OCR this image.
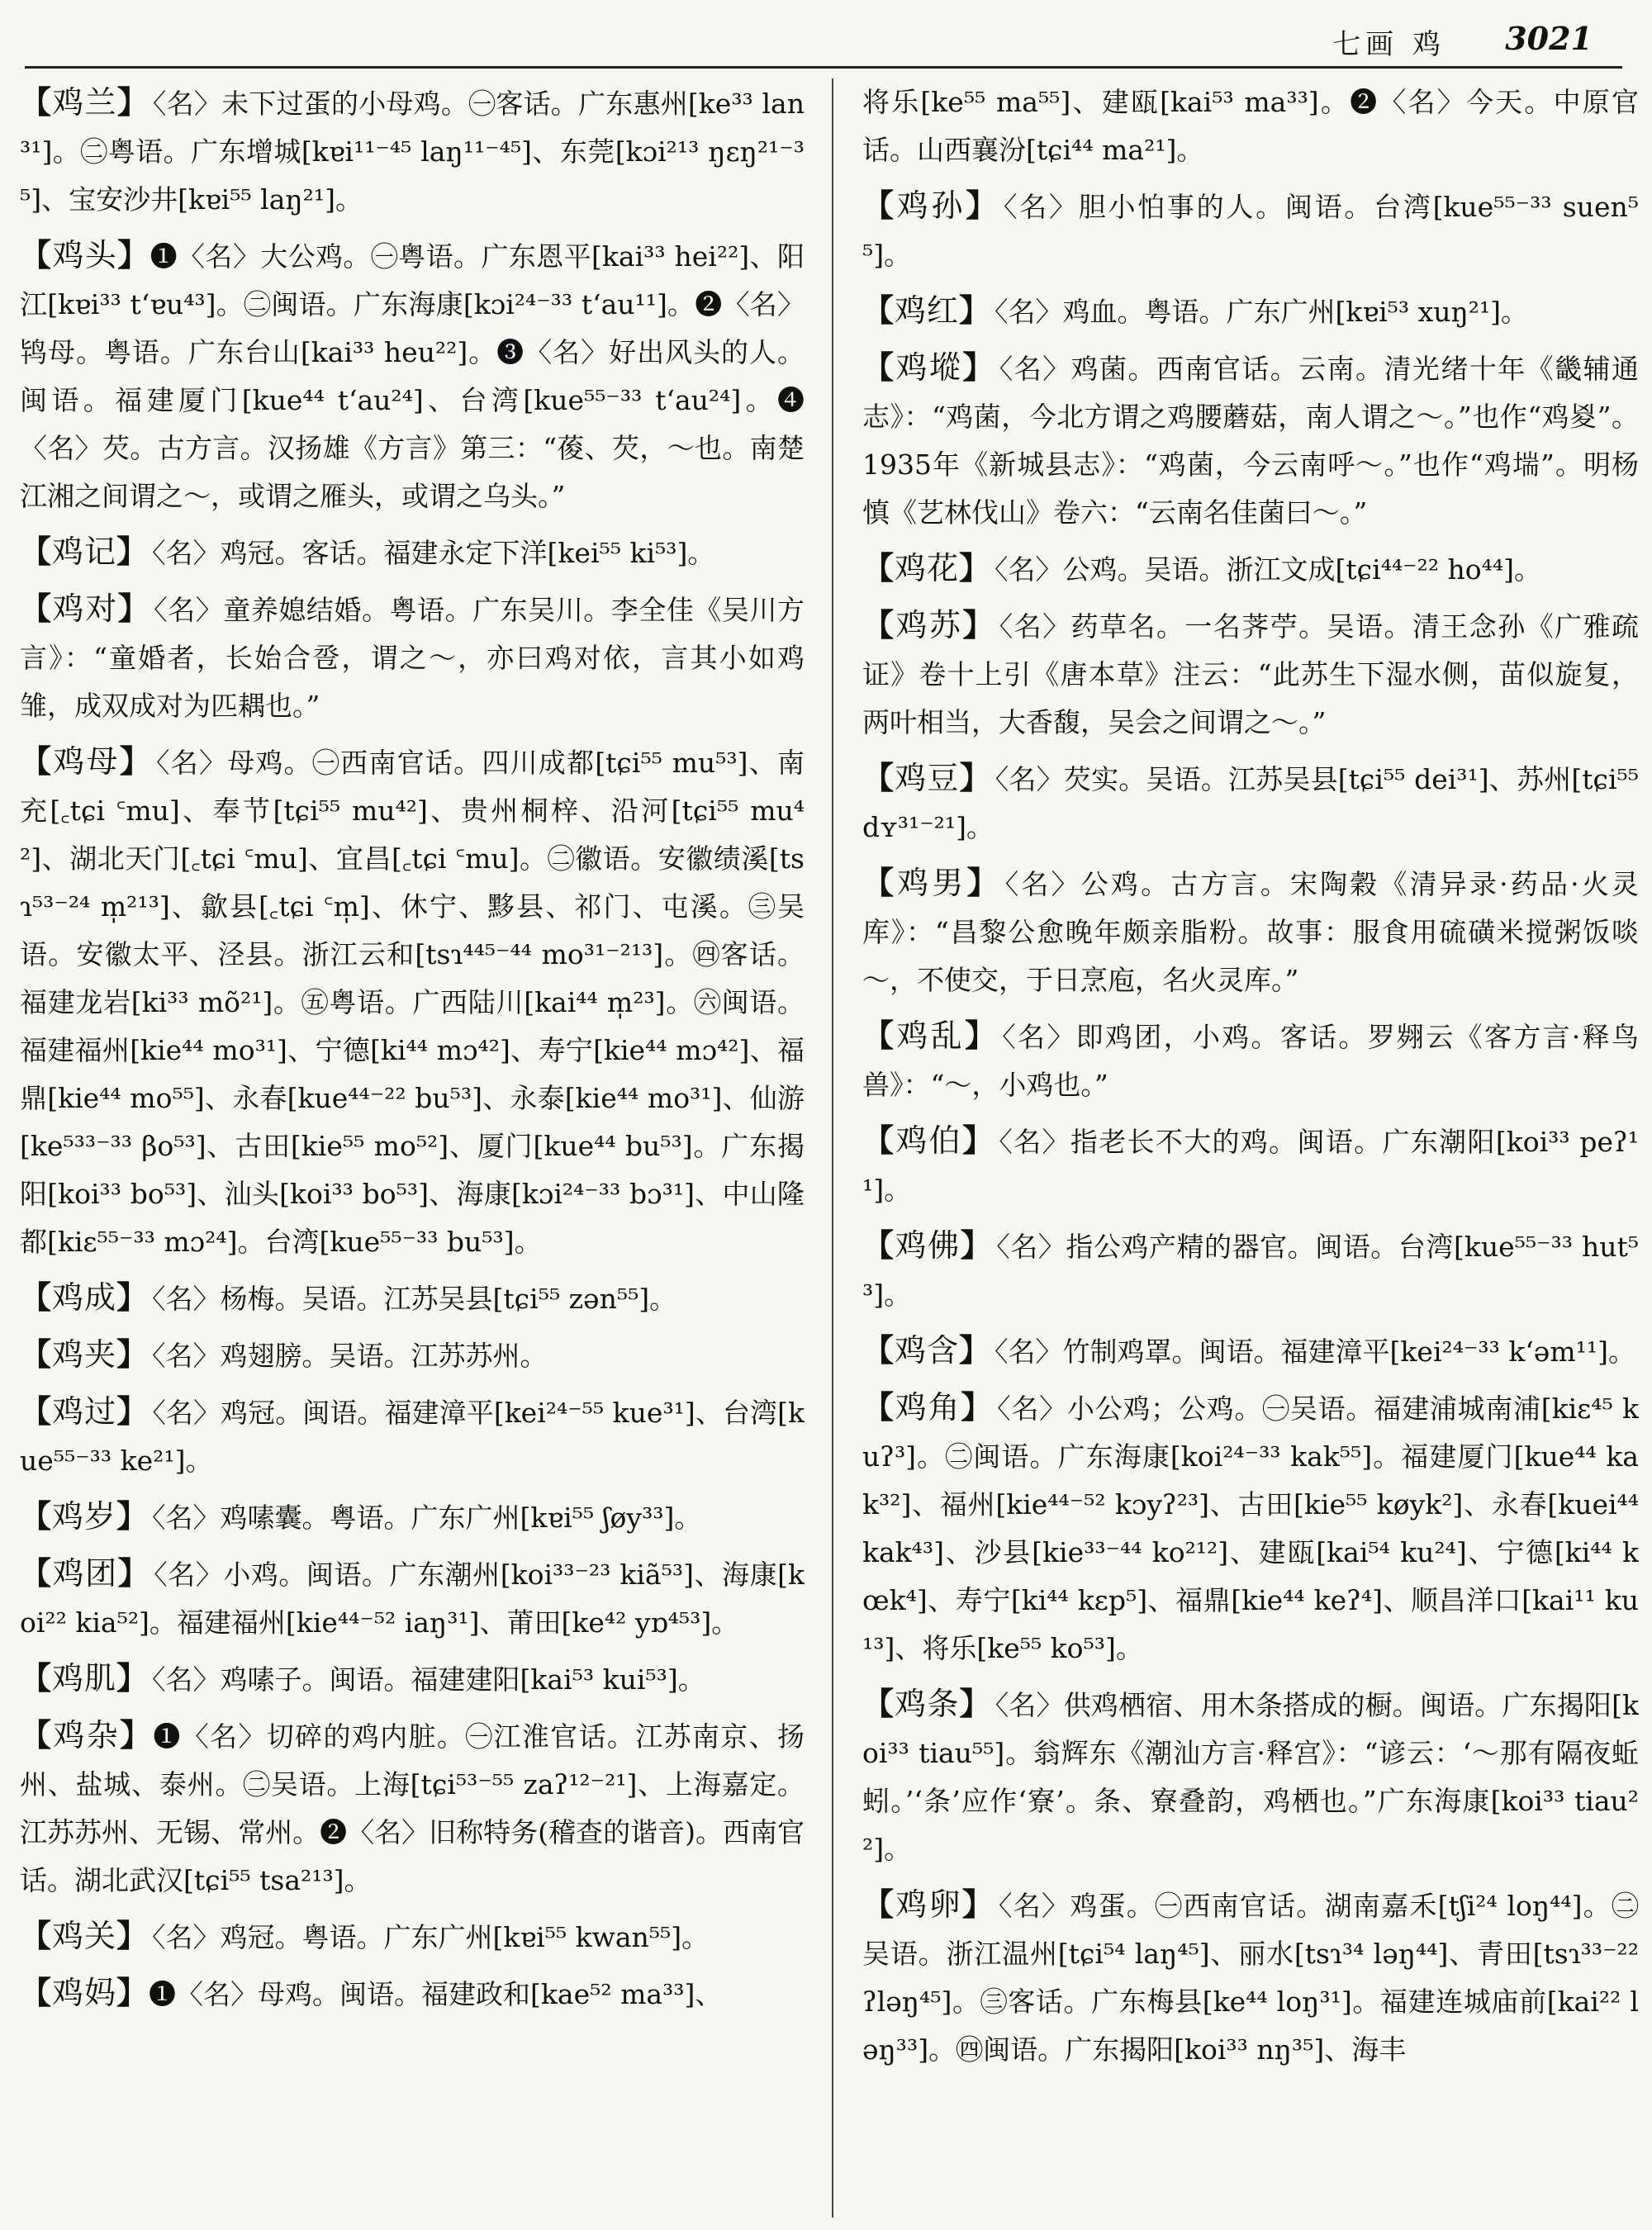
七画 鸡 3021

【鸡兰】 〈名〉未下过蛋的小母鸡。㊀客话。广东惠州[ke³³ lan³¹]。㊁粤语。广东增城[kɐi¹¹⁻⁴⁵ laŋ¹¹⁻⁴⁵]、东莞[kɔi²¹³ ŋɛŋ²¹⁻³⁵]、宝安沙井[kɐi⁵⁵ laŋ²¹]。

【鸡头】❶〈名〉大公鸡。㊀粤语。广东恩平[kai³³ hei²²]、阳江[kɐi³³ tʻɐu⁴³]。㊁闽语。广东海康[kɔi²⁴⁻³³ tʻau¹¹]。❷〈名〉鸨母。粤语。广东台山[kai³³ heu²²]。❸〈名〉好出风头的人。闽语。福建厦门[kue⁴⁴ tʻau²⁴]、台湾[kue⁵⁵⁻³³ tʻau²⁴]。❹〈名〉芡。古方言。汉扬雄《方言》第三：“葰、芡，～也。南楚江湘之间谓之～，或谓之雁头，或谓之乌头。”

【鸡记】 〈名〉鸡冠。客话。福建永定下洋[kei⁵⁵ ki⁵³]。

【鸡对】 〈名〉童养媳结婚。粤语。广东吴川。李全佳《吴川方言》：“童婚者，长始合卺，谓之～，亦曰鸡对依，言其小如鸡雏，成双成对为匹耦也。”

【鸡母】 〈名〉母鸡。㊀西南官话。四川成都[tɕi⁵⁵ mu⁵³]、南充[꜀tɕi ꜂mu]、奉节[tɕi⁵⁵ mu⁴²]、贵州桐梓、沿河[tɕi⁵⁵ mu⁴²]、湖北天门[꜀tɕi ꜂mu]、宜昌[꜀tɕi ꜂mu]。㊁徽语。安徽绩溪[tsɿ⁵³⁻²⁴ m̩²¹³]、歙县[꜀tɕi ꜂m̩]、休宁、黟县、祁门、屯溪。㊂吴语。安徽太平、泾县。浙江云和[tsɿ⁴⁴⁵⁻⁴⁴ mo³¹⁻²¹³]。㊃客话。福建龙岩[ki³³ mõ²¹]。㊄粤语。广西陆川[kai⁴⁴ m̩²³]。㊅闽语。福建福州[kie⁴⁴ mo³¹]、宁德[ki⁴⁴ mɔ⁴²]、寿宁[kie⁴⁴ mɔ⁴²]、福鼎[kie⁴⁴ mo⁵⁵]、永春[kue⁴⁴⁻²² bu⁵³]、永泰[kie⁴⁴ mo³¹]、仙游[ke⁵³³⁻³³ βo⁵³]、古田[kie⁵⁵ mo⁵²]、厦门[kue⁴⁴ bu⁵³]。广东揭阳[koi³³ bo⁵³]、汕头[koi³³ bo⁵³]、海康[kɔi²⁴⁻³³ bɔ³¹]、中山隆都[kiɛ⁵⁵⁻³³ mɔ²⁴]。台湾[kue⁵⁵⁻³³ bu⁵³]。

【鸡成】 〈名〉杨梅。吴语。江苏吴县[tɕi⁵⁵ zən⁵⁵]。

【鸡夹】 〈名〉鸡翅膀。吴语。江苏苏州。

【鸡过】 〈名〉鸡冠。闽语。福建漳平[kei²⁴⁻⁵⁵ kue³¹]、台湾[kue⁵⁵⁻³³ ke²¹]。

【鸡岁】 〈名〉鸡嗉囊。粤语。广东广州[kɐi⁵⁵ ʃøy³³]。

【鸡团】 〈名〉小鸡。闽语。广东潮州[koi³³⁻²³ kiã⁵³]、海康[koi²² kia⁵²]。福建福州[kie⁴⁴⁻⁵² iaŋ³¹]、莆田[ke⁴² yɒ⁴⁵³]。

【鸡肌】 〈名〉鸡嗉子。闽语。福建建阳[kai⁵³ kui⁵³]。

【鸡杂】❶〈名〉切碎的鸡内脏。㊀江淮官话。江苏南京、扬州、盐城、泰州。㊁吴语。上海[tɕi⁵³⁻⁵⁵ zaʔ¹²⁻²¹]、上海嘉定。江苏苏州、无锡、常州。❷〈名〉旧称特务(稽查的谐音)。西南官话。湖北武汉[tɕi⁵⁵ tsa²¹³]。

【鸡关】 〈名〉鸡冠。粤语。广东广州[kɐi⁵⁵ kwan⁵⁵]。

【鸡妈】❶〈名〉母鸡。闽语。福建政和[kae⁵² ma³³]、

将乐[ke⁵⁵ ma⁵⁵]、建瓯[kai⁵³ ma³³]。❷〈名〉今天。中原官话。山西襄汾[tɕi⁴⁴ ma²¹]。

【鸡孙】 〈名〉胆小怕事的人。闽语。台湾[kue⁵⁵⁻³³ suen⁵⁵]。

【鸡红】 〈名〉鸡血。粤语。广东广州[kɐi⁵³ xuŋ²¹]。

【鸡㙡】 〈名〉鸡菌。西南官话。云南。清光绪十年《畿辅通志》：“鸡菌，今北方谓之鸡腰蘑菇，南人谓之～。”也作“鸡㚇”。1935年《新城县志》：“鸡菌，今云南呼～。”也作“鸡㙐”。明杨慎《艺林伐山》卷六：“云南名佳菌曰～。”

【鸡花】 〈名〉公鸡。吴语。浙江文成[tɕi⁴⁴⁻²² ho⁴⁴]。

【鸡苏】 〈名〉药草名。一名荠苧。吴语。清王念孙《广雅疏证》卷十上引《唐本草》注云：“此苏生下湿水侧，苗似旋复，两叶相当，大香馥，吴会之间谓之～。”

【鸡豆】 〈名〉芡实。吴语。江苏吴县[tɕi⁵⁵ dei³¹]、苏州[tɕi⁵⁵ dʏ³¹⁻²¹]。

【鸡男】 〈名〉公鸡。古方言。宋陶穀《清异录·药品·火灵库》：“昌黎公愈晚年颇亲脂粉。故事：服食用硫磺米搅粥饭啖～，不使交，于日烹庖，名火灵库。”

【鸡乱】 〈名〉即鸡团，小鸡。客话。罗翙云《客方言·释鸟兽》：“～，小鸡也。”

【鸡伯】 〈名〉指老长不大的鸡。闽语。广东潮阳[koi³³ peʔ¹¹]。

【鸡佛】 〈名〉指公鸡产精的器官。闽语。台湾[kue⁵⁵⁻³³ hut⁵³]。

【鸡含】 〈名〉竹制鸡罩。闽语。福建漳平[kei²⁴⁻³³ kʻəm¹¹]。

【鸡角】 〈名〉小公鸡；公鸡。㊀吴语。福建浦城南浦[kiɛ⁴⁵ kuʔ³]。㊁闽语。广东海康[koi²⁴⁻³³ kak⁵⁵]。福建厦门[kue⁴⁴ kak³²]、福州[kie⁴⁴⁻⁵² kɔyʔ²³]、古田[kie⁵⁵ køyk²]、永春[kuei⁴⁴ kak⁴³]、沙县[kie³³⁻⁴⁴ ko²¹²]、建瓯[kai⁵⁴ ku²⁴]、宁德[ki⁴⁴ kœk⁴]、寿宁[ki⁴⁴ kɛp⁵]、福鼎[kie⁴⁴ keʔ⁴]、顺昌洋口[kai¹¹ ku¹³]、将乐[ke⁵⁵ ko⁵³]。

【鸡条】 〈名〉供鸡栖宿、用木条搭成的橱。闽语。广东揭阳[koi³³ tiau⁵⁵]。翁辉东《潮汕方言·释宫》：“谚云：‘～那有隔夜蚯蚓。’‘条’应作‘寮’。条、寮叠韵，鸡栖也。”广东海康[koi³³ tiau²²]。

【鸡卵】 〈名〉鸡蛋。㊀西南官话。湖南嘉禾[tʃi²⁴ loŋ⁴⁴]。㊁吴语。浙江温州[tɕi⁵⁴ laŋ⁴⁵]、丽水[tsɿ³⁴ ləŋ⁴⁴]、青田[tsɿ³³⁻²² ʔləŋ⁴⁵]。㊂客话。广东梅县[ke⁴⁴ loŋ³¹]。福建连城庙前[kai²² ləŋ³³]。㊃闽语。广东揭阳[koi³³ nŋ³⁵]、海丰
